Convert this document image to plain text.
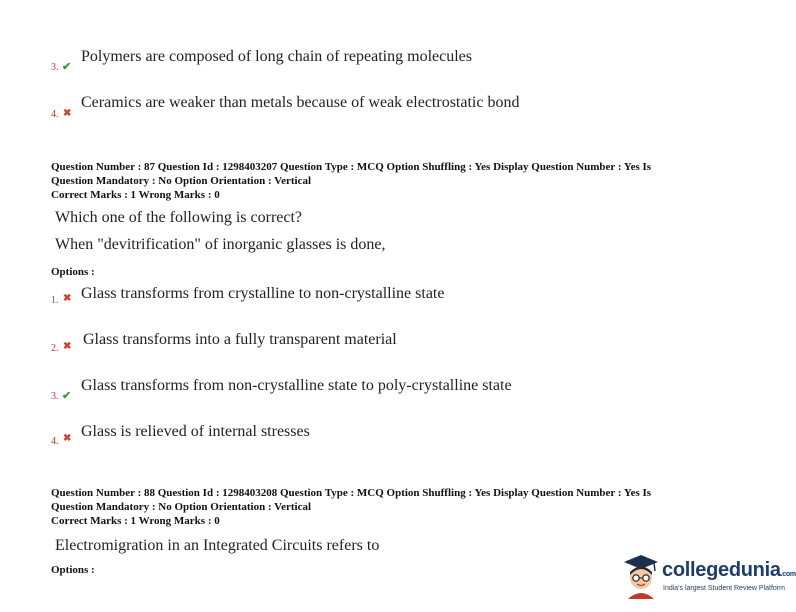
3. ✔
Polymers are composed of long chain of repeating molecules
4. ✖
Ceramics are weaker than metals because of weak electrostatic bond
Question Number : 87 Question Id : 1298403207 Question Type : MCQ Option Shuffling : Yes Display Question Number : Yes Is
Question Mandatory : No Option Orientation : Vertical
Correct Marks : 1 Wrong Marks : 0
Which one of the following is correct?
When "devitrification" of inorganic glasses is done,
Options :
1. ✖ Glass transforms from crystalline to non-crystalline state
2. ✖ Glass transforms into a fully transparent material
3. ✔
Glass transforms from non-crystalline state to poly-crystalline state
4. ✖ Glass is relieved of internal stresses
Question Number : 88 Question Id : 1298403208 Question Type : MCQ Option Shuffling : Yes Display Question Number : Yes Is
Question Mandatory : No Option Orientation : Vertical
Correct Marks : 1 Wrong Marks : 0
Electromigration in an Integrated Circuits refers to
Options :	collegedunia.com
India's largest Student Review Platform
